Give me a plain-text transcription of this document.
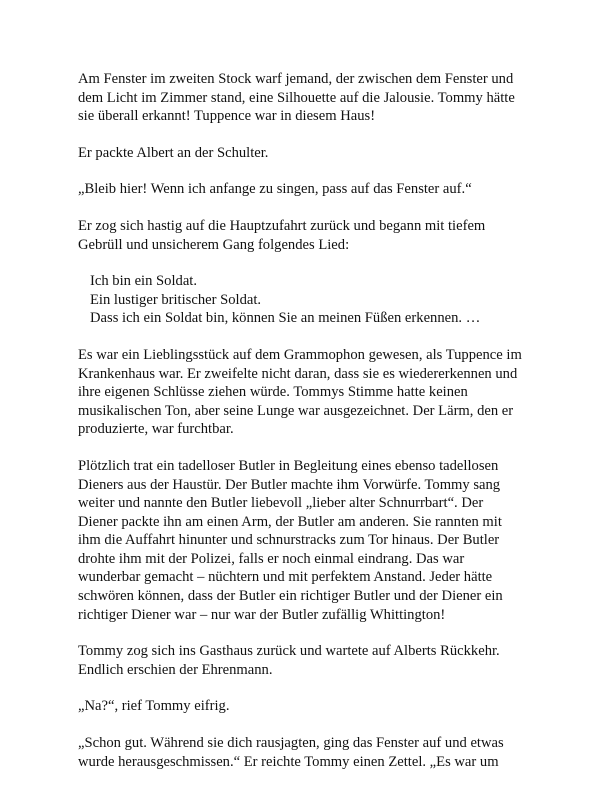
Am Fenster im zweiten Stock warf jemand, der zwischen dem Fenster und
dem Licht im Zimmer stand, eine Silhouette auf die Jalousie. Tommy hätte
sie überall erkannt! Tuppence war in diesem Haus!

Er packte Albert an der Schulter.

„Bleib hier! Wenn ich anfange zu singen, pass auf das Fenster auf.“

Er zog sich hastig auf die Hauptzufahrt zurück und begann mit tiefem
Gebrüll und unsicherem Gang folgendes Lied:

Ich bin ein Soldat.
Ein lustiger britischer Soldat.
Dass ich ein Soldat bin, können Sie an meinen Füßen erkennen. …

Es war ein Lieblingsstück auf dem Grammophon gewesen, als Tuppence im
Krankenhaus war. Er zweifelte nicht daran, dass sie es wiedererkennen und
ihre eigenen Schlüsse ziehen würde. Tommys Stimme hatte keinen
musikalischen Ton, aber seine Lunge war ausgezeichnet. Der Lärm, den er
produzierte, war furchtbar.

Plötzlich trat ein tadelloser Butler in Begleitung eines ebenso tadellosen
Dieners aus der Haustür. Der Butler machte ihm Vorwürfe. Tommy sang
weiter und nannte den Butler liebevoll „lieber alter Schnurrbart“. Der
Diener packte ihn am einen Arm, der Butler am anderen. Sie rannten mit
ihm die Auffahrt hinunter und schnurstracks zum Tor hinaus. Der Butler
drohte ihm mit der Polizei, falls er noch einmal eindrang. Das war
wunderbar gemacht – nüchtern und mit perfektem Anstand. Jeder hätte
schwören können, dass der Butler ein richtiger Butler und der Diener ein
richtiger Diener war – nur war der Butler zufällig Whittington!

Tommy zog sich ins Gasthaus zurück und wartete auf Alberts Rückkehr.
Endlich erschien der Ehrenmann.

„Na?“, rief Tommy eifrig.

„Schon gut. Während sie dich rausjagten, ging das Fenster auf und etwas
wurde herausgeschmissen.“ Er reichte Tommy einen Zettel. „Es war um
